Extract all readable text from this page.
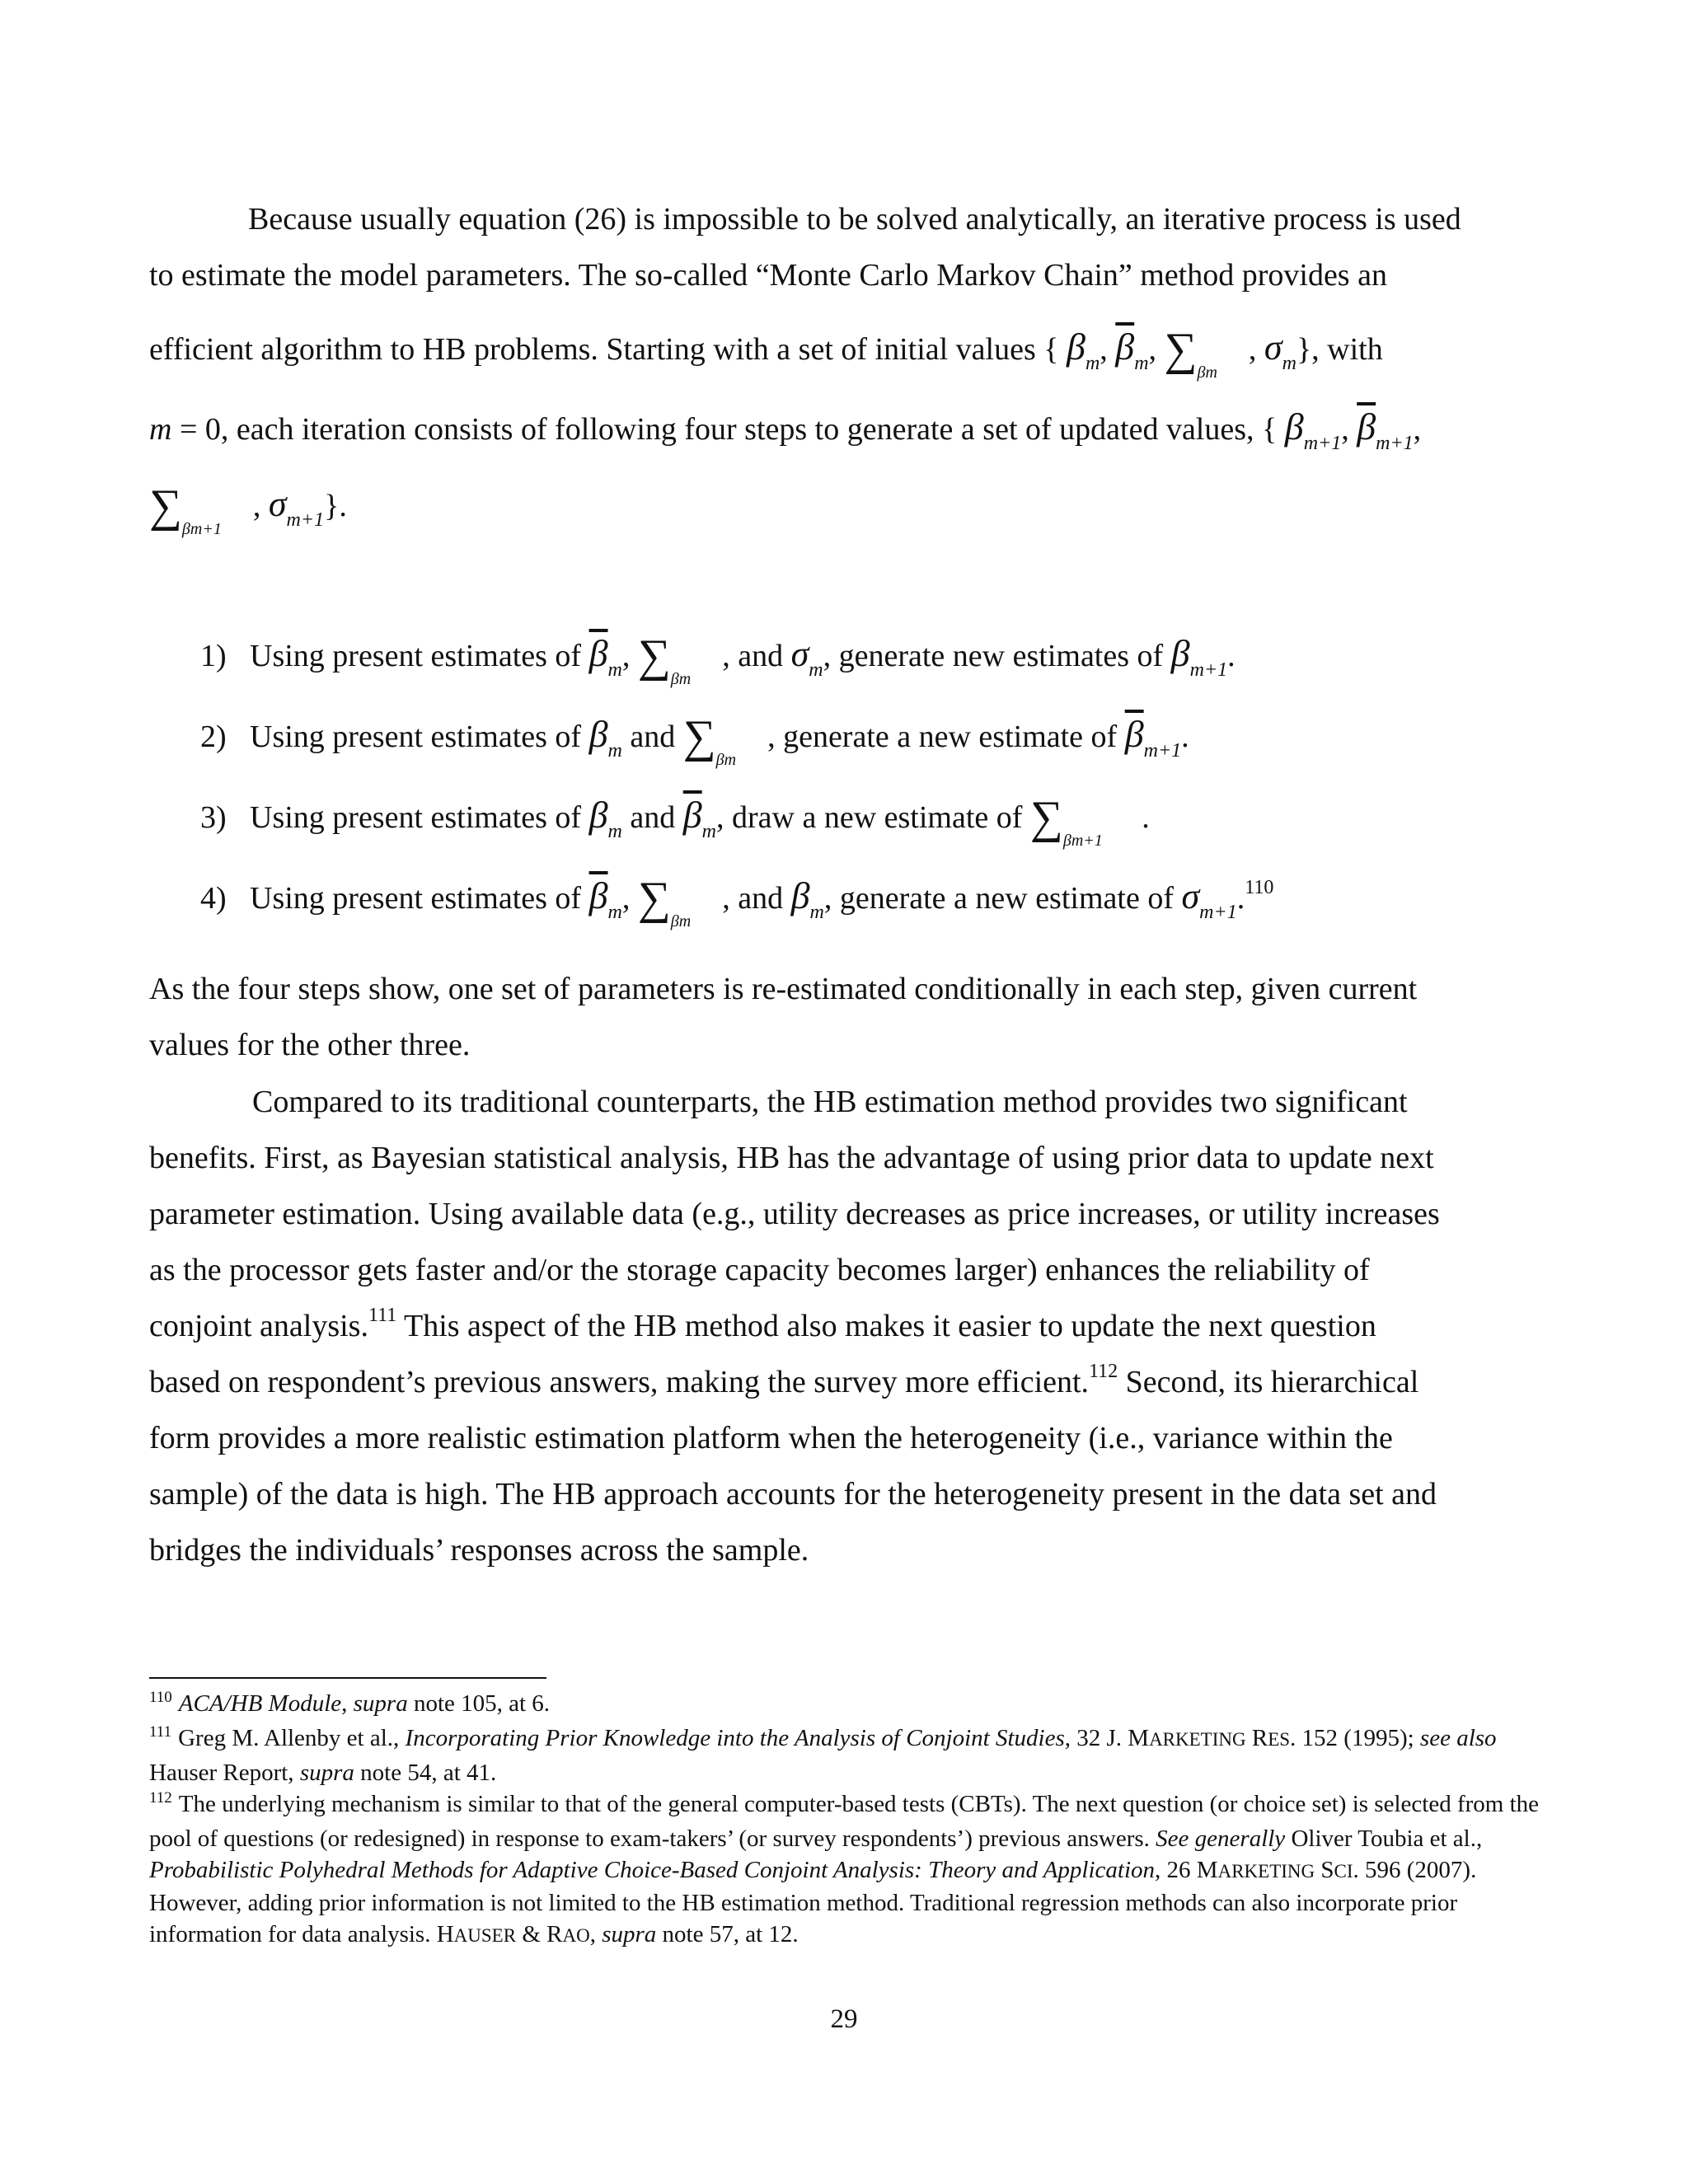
Because usually equation (26) is impossible to be solved analytically, an iterative process is used
to estimate the model parameters. The so-called “Monte Carlo Markov Chain” method provides an
efficient algorithm to HB problems. Starting with a set of initial values { $\beta_m$, $\overline{\beta}_m$, $\sum_{\beta m}$    , $\sigma_m$}, with
m = 0, each iteration consists of following four steps to generate a set of updated values, { $\beta_{m+1}$, $\overline{\beta}_{m+1}$,
$\sum_{\beta m+1}$    , $\sigma_{m+1}$}.
1) Using present estimates of $\overline{\beta}_m$, $\sum_{\beta m}$    , and $\sigma_m$, generate new estimates of $\beta_{m+1}$.
2) Using present estimates of $\beta_m$ and $\sum_{\beta m}$    , generate a new estimate of $\overline{\beta}_{m+1}$.
3) Using present estimates of $\beta_m$ and $\overline{\beta}_m$, draw a new estimate of $\sum_{\beta m+1}$     .
4) Using present estimates of $\overline{\beta}_m$, $\sum_{\beta m}$    , and $\beta_m$, generate a new estimate of $\sigma_{m+1}.^{110}$
As the four steps show, one set of parameters is re-estimated conditionally in each step, given current
values for the other three.
Compared to its traditional counterparts, the HB estimation method provides two significant
benefits. First, as Bayesian statistical analysis, HB has the advantage of using prior data to update next
parameter estimation. Using available data (e.g., utility decreases as price increases, or utility increases
as the processor gets faster and/or the storage capacity becomes larger) enhances the reliability of
conjoint analysis.$^{111}$ This aspect of the HB method also makes it easier to update the next question
based on respondent’s previous answers, making the survey more efficient.$^{112}$ Second, its hierarchical
form provides a more realistic estimation platform when the heterogeneity (i.e., variance within the
sample) of the data is high. The HB approach accounts for the heterogeneity present in the data set and
bridges the individuals’ responses across the sample.
$^{110}$ ACA/HB Module, supra note 105, at 6.
$^{111}$ Greg M. Allenby et al., Incorporating Prior Knowledge into the Analysis of Conjoint Studies, 32 J. MARKETING RES. 152 (1995); see also Hauser Report, supra note 54, at 41.
$^{112}$ The underlying mechanism is similar to that of the general computer-based tests (CBTs). The next question (or choice set) is selected from the pool of questions (or redesigned) in response to exam-takers’ (or survey respondents’) previous answers. See generally Oliver Toubia et al., Probabilistic Polyhedral Methods for Adaptive Choice-Based Conjoint Analysis: Theory and Application, 26 MARKETING SCI. 596 (2007). However, adding prior information is not limited to the HB estimation method. Traditional regression methods can also incorporate prior information for data analysis. HAUSER & RAO, supra note 57, at 12.
29
